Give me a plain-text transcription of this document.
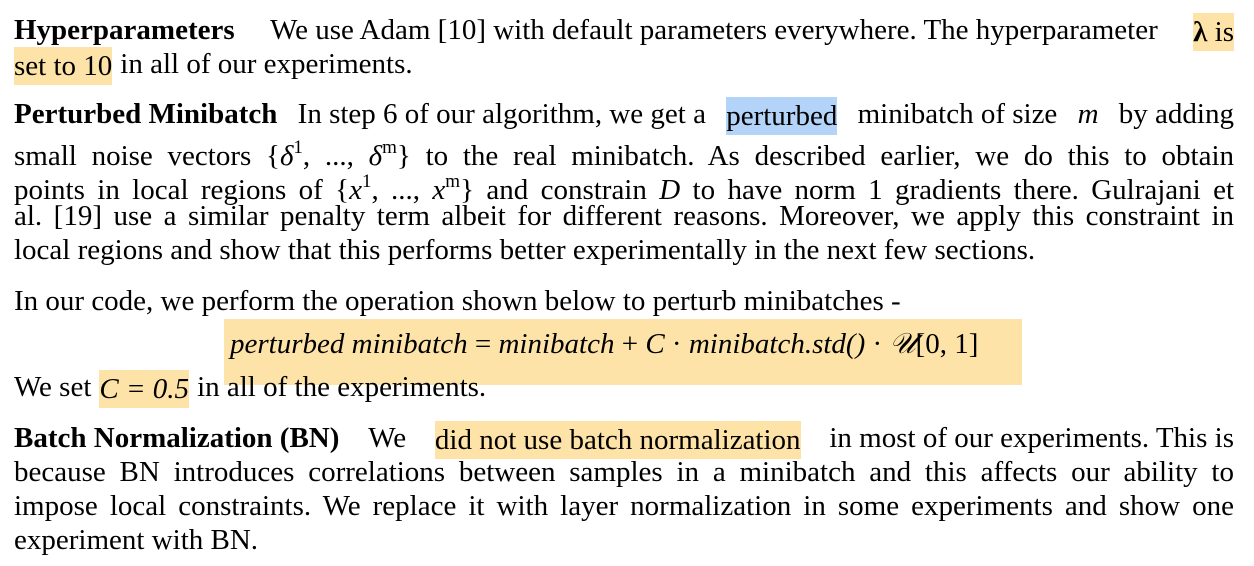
Hyperparameters We use Adam [10] with default parameters everywhere. The hyperparameter λ is
set to 10 in all of our experiments.
Perturbed Minibatch In step 6 of our algorithm, we get a perturbed minibatch of size m by adding
small noise vectors {$\delta^1$, ..., $\delta^m$} to the real minibatch. As described earlier, we do this to obtain
points in local regions of {$x^1$, ..., $x^m$} and constrain D to have norm 1 gradients there. Gulrajani et
al. [19] use a similar penalty term albeit for different reasons. Moreover, we apply this constraint in
local regions and show that this performs better experimentally in the next few sections.
In our code, we perform the operation shown below to perturb minibatches -
perturbed minibatch = minibatch + C · minibatch.std() · 𝒰[0, 1]
We set C = 0.5 in all of the experiments.
Batch Normalization (BN) We did not use batch normalization in most of our experiments. This is
because BN introduces correlations between samples in a minibatch and this affects our ability to
impose local constraints. We replace it with layer normalization in some experiments and show one
experiment with BN.
